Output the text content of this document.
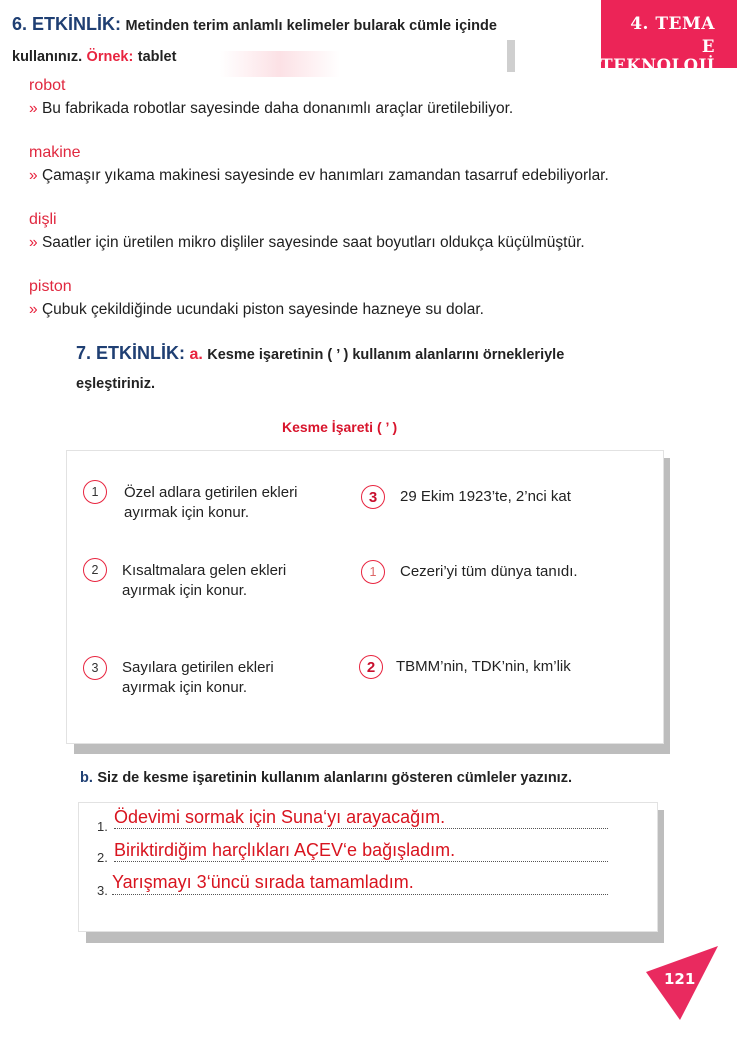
6. ETKİNLİK: Metinden terim anlamlı kelimeler bularak cümle içinde
kullanınız. Örnek: tablet
4. TEMA
E TEKNOLOJİ
robot
» Bu fabrikada robotlar sayesinde daha donanımlı araçlar üretilebiliyor.
makine
» Çamaşır yıkama makinesi sayesinde ev hanımları zamandan tasarruf edebiliyorlar.
dişli
» Saatler için üretilen mikro dişliler sayesinde saat boyutları oldukça küçülmüştür.
piston
» Çubuk çekildiğinde ucundaki piston sayesinde hazneye su dolar.
7. ETKİNLİK: a. Kesme işaretinin ( ’ ) kullanım alanlarını örnekleriyle
eşleştiriniz.
Kesme İşareti ( ’ )
1	Özel adlara getirilen ekleri
ayırmak için konur.
2	Kısaltmalara gelen ekleri
ayırmak için konur.
3	Sayılara getirilen ekleri
ayırmak için konur.
3	29 Ekim 1923’te, 2’nci kat
1	Cezeri’yi tüm dünya tanıdı.
2	TBMM’nin, TDK’nin, km’lik
b. Siz de kesme işaretinin kullanım alanlarını gösteren cümleler yazınız.
1. Ödevimi sormak için Suna‘yı arayacağım.
2. Biriktirdiğim harçlıkları AÇEV‘e bağışladım.
3. Yarışmayı 3‘üncü sırada tamamladım.
121
